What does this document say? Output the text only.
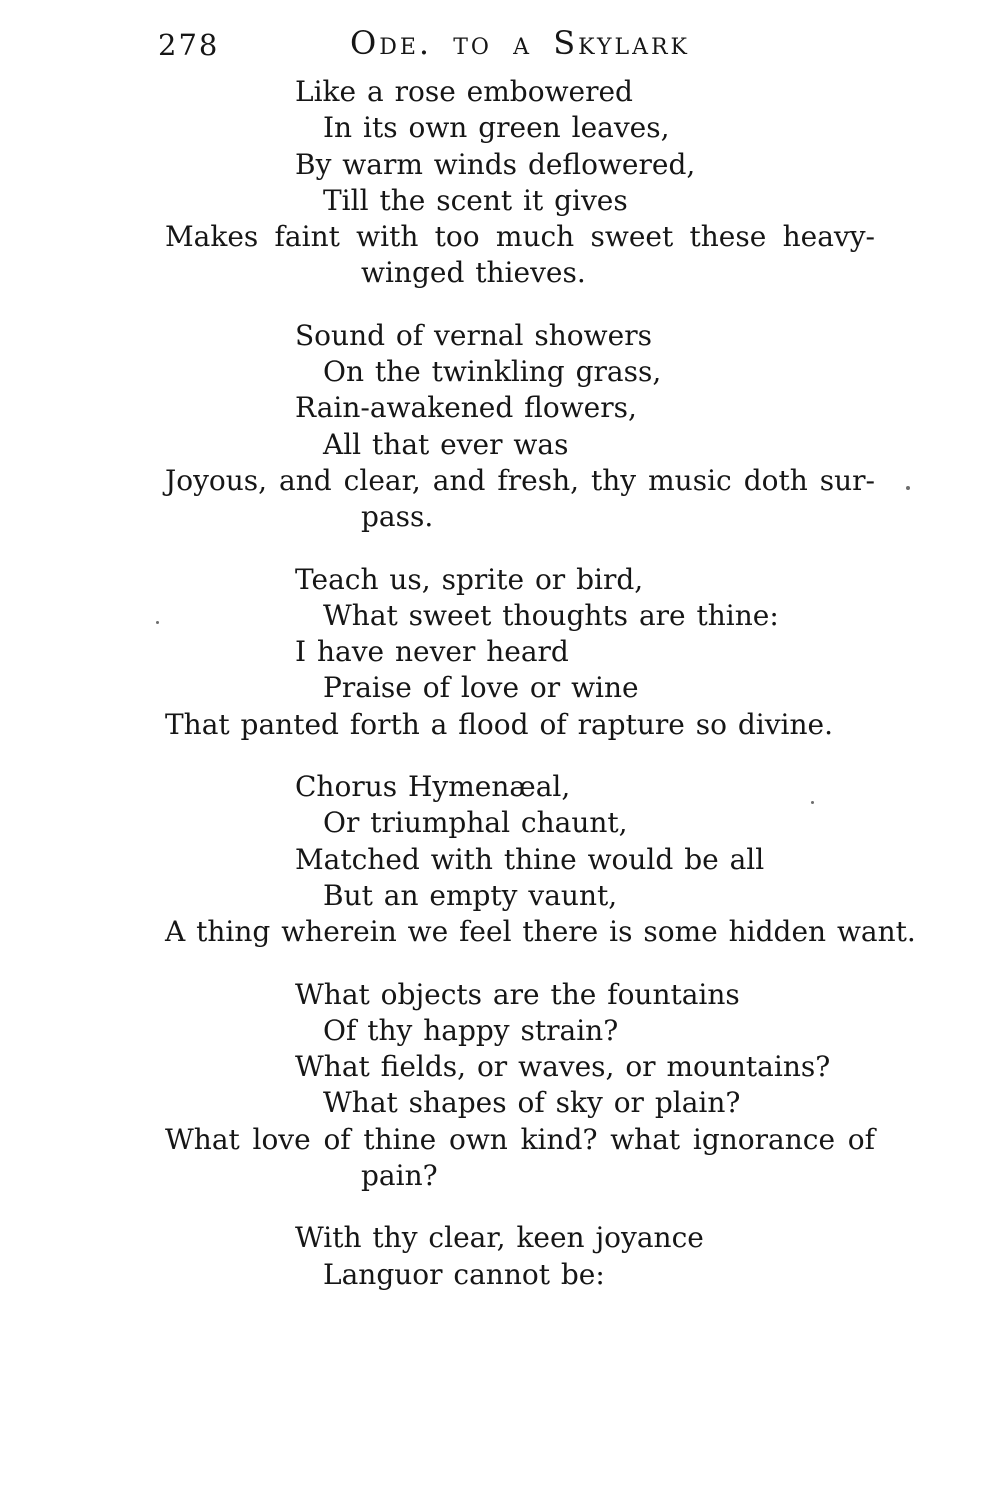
278	Ode. to a Skylark
Like a rose embowered
In its own green leaves,
By warm winds deflowered,
Till the scent it gives
Makes faint with too much sweet these heavy-
winged thieves.
Sound of vernal showers
On the twinkling grass,
Rain-awakened flowers,
All that ever was
Joyous, and clear, and fresh, thy music doth sur-
pass.
Teach us, sprite or bird,
What sweet thoughts are thine:
I have never heard
Praise of love or wine
That panted forth a flood of rapture so divine.
Chorus Hymenæal,
Or triumphal chaunt,
Matched with thine would be all
But an empty vaunt,
A thing wherein we feel there is some hidden want.
What objects are the fountains
Of thy happy strain?
What fields, or waves, or mountains?
What shapes of sky or plain?
What love of thine own kind? what ignorance of
pain?
With thy clear, keen joyance
Languor cannot be:
